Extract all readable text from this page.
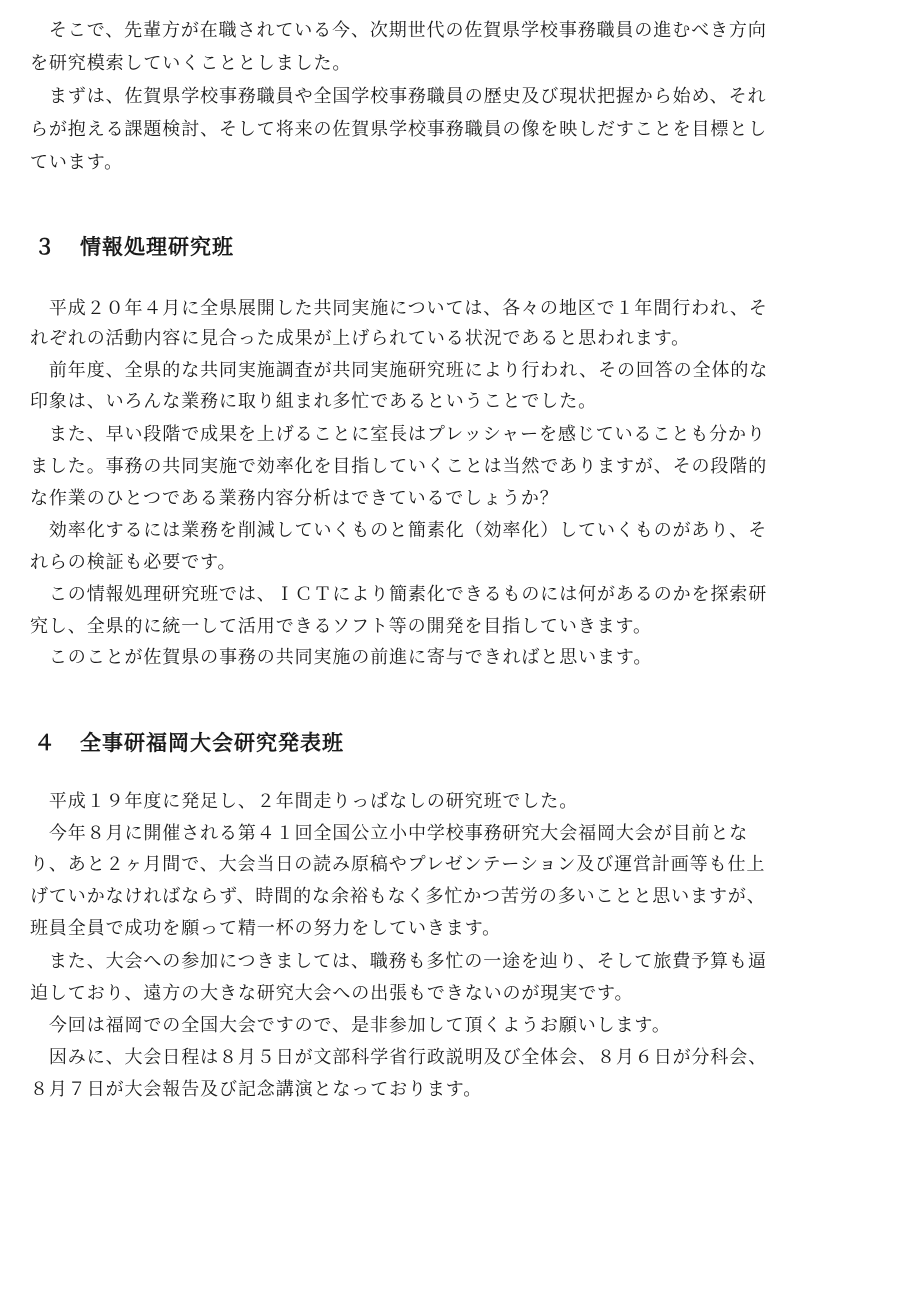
　そこで、先輩方が在職されている今、次期世代の佐賀県学校事務職員の進むべき方向
を研究模索していくこととしました。
　まずは、佐賀県学校事務職員や全国学校事務職員の歴史及び現状把握から始め、それ
らが抱える課題検討、そして将来の佐賀県学校事務職員の像を映しだすことを目標とし
ています。
３ 情報処理研究班
　平成２０年４月に全県展開した共同実施については、各々の地区で１年間行われ、そ
れぞれの活動内容に見合った成果が上げられている状況であると思われます。
　前年度、全県的な共同実施調査が共同実施研究班により行われ、その回答の全体的な
印象は、いろんな業務に取り組まれ多忙であるということでした。
　また、早い段階で成果を上げることに室長はプレッシャーを感じていることも分かり
ました。事務の共同実施で効率化を目指していくことは当然でありますが、その段階的
な作業のひとつである業務内容分析はできているでしょうか？
　効率化するには業務を削減していくものと簡素化（効率化）していくものがあり、そ
れらの検証も必要です。
　この情報処理研究班では、ＩＣＴにより簡素化できるものには何があるのかを探索研
究し、全県的に統一して活用できるソフト等の開発を目指していきます。
　このことが佐賀県の事務の共同実施の前進に寄与できればと思います。
４ 全事研福岡大会研究発表班
　平成１９年度に発足し、２年間走りっぱなしの研究班でした。
　今年８月に開催される第４１回全国公立小中学校事務研究大会福岡大会が目前とな
り、あと２ヶ月間で、大会当日の読み原稿やプレゼンテーション及び運営計画等も仕上
げていかなければならず、時間的な余裕もなく多忙かつ苦労の多いことと思いますが、
班員全員で成功を願って精一杯の努力をしていきます。
　また、大会への参加につきましては、職務も多忙の一途を辿り、そして旅費予算も逼
迫しており、遠方の大きな研究大会への出張もできないのが現実です。
　今回は福岡での全国大会ですので、是非参加して頂くようお願いします。
　因みに、大会日程は８月５日が文部科学省行政説明及び全体会、８月６日が分科会、
８月７日が大会報告及び記念講演となっております。
